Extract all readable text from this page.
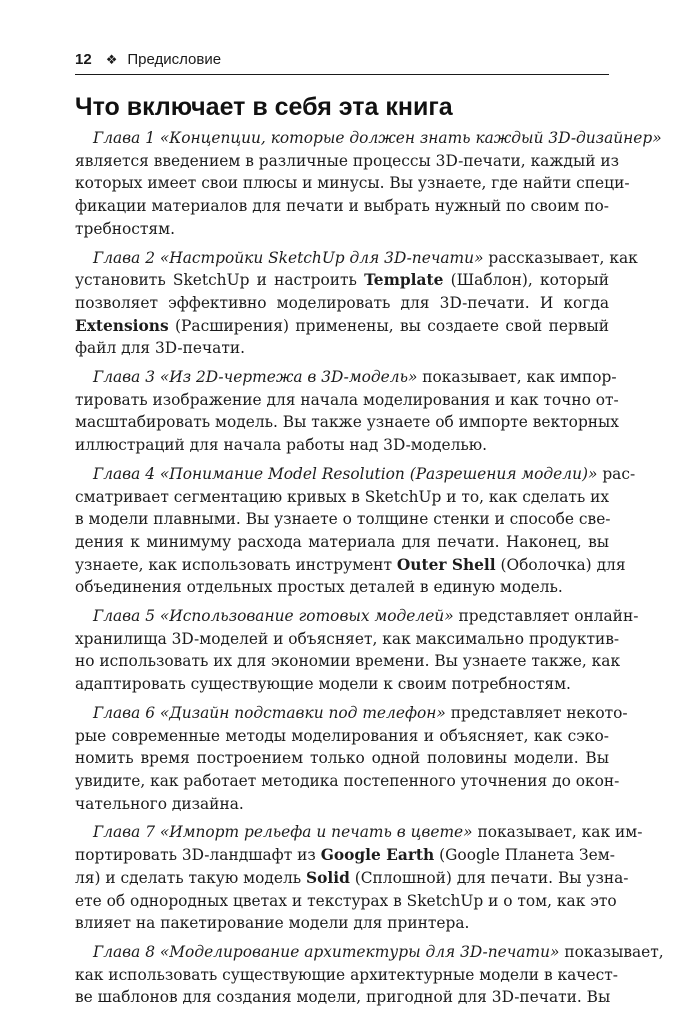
12 ❖ Предисловие
Что включает в себя эта книга
Глава 1 «Концепции, которые должен знать каждый 3D-дизайнер»
является введением в различные процессы 3D-печати, каждый из
которых имеет свои плюсы и минусы. Вы узнаете, где найти специ-
фикации материалов для печати и выбрать нужный по своим по-
требностям.
Глава 2 «Настройки SketchUp для 3D-печати» рассказывает, как
установить SketchUp и настроить Template (Шаблон), который
позволяет эффективно моделировать для 3D-печати. И когда
Extensions (Расширения) применены, вы создаете свой первый
файл для 3D-печати.
Глава 3 «Из 2D-чертежа в 3D-модель» показывает, как импор-
тировать изображение для начала моделирования и как точно от-
масштабировать модель. Вы также узнаете об импорте векторных
иллюстраций для начала работы над 3D-моделью.
Глава 4 «Понимание Model Resolution (Разрешения модели)» рас-
сматривает сегментацию кривых в SketchUp и то, как сделать их
в модели плавными. Вы узнаете о толщине стенки и способе све-
дения к минимуму расхода материала для печати. Наконец, вы
узнаете, как использовать инструмент Outer Shell (Оболочка) для
объединения отдельных простых деталей в единую модель.
Глава 5 «Использование готовых моделей» представляет онлайн-
хранилища 3D-моделей и объясняет, как максимально продуктив-
но использовать их для экономии времени. Вы узнаете также, как
адаптировать существующие модели к своим потребностям.
Глава 6 «Дизайн подставки под телефон» представляет некото-
рые современные методы моделирования и объясняет, как сэко-
номить время построением только одной половины модели. Вы
увидите, как работает методика постепенного уточнения до окон-
чательного дизайна.
Глава 7 «Импорт рельефа и печать в цвете» показывает, как им-
портировать 3D-ландшафт из Google Earth (Google Планета Зем-
ля) и сделать такую модель Solid (Сплошной) для печати. Вы узна-
ете об однородных цветах и текстурах в SketchUp и о том, как это
влияет на пакетирование модели для принтера.
Глава 8 «Моделирование архитектуры для 3D-печати» показывает,
как использовать существующие архитектурные модели в качест-
ве шаблонов для создания модели, пригодной для 3D-печати. Вы
